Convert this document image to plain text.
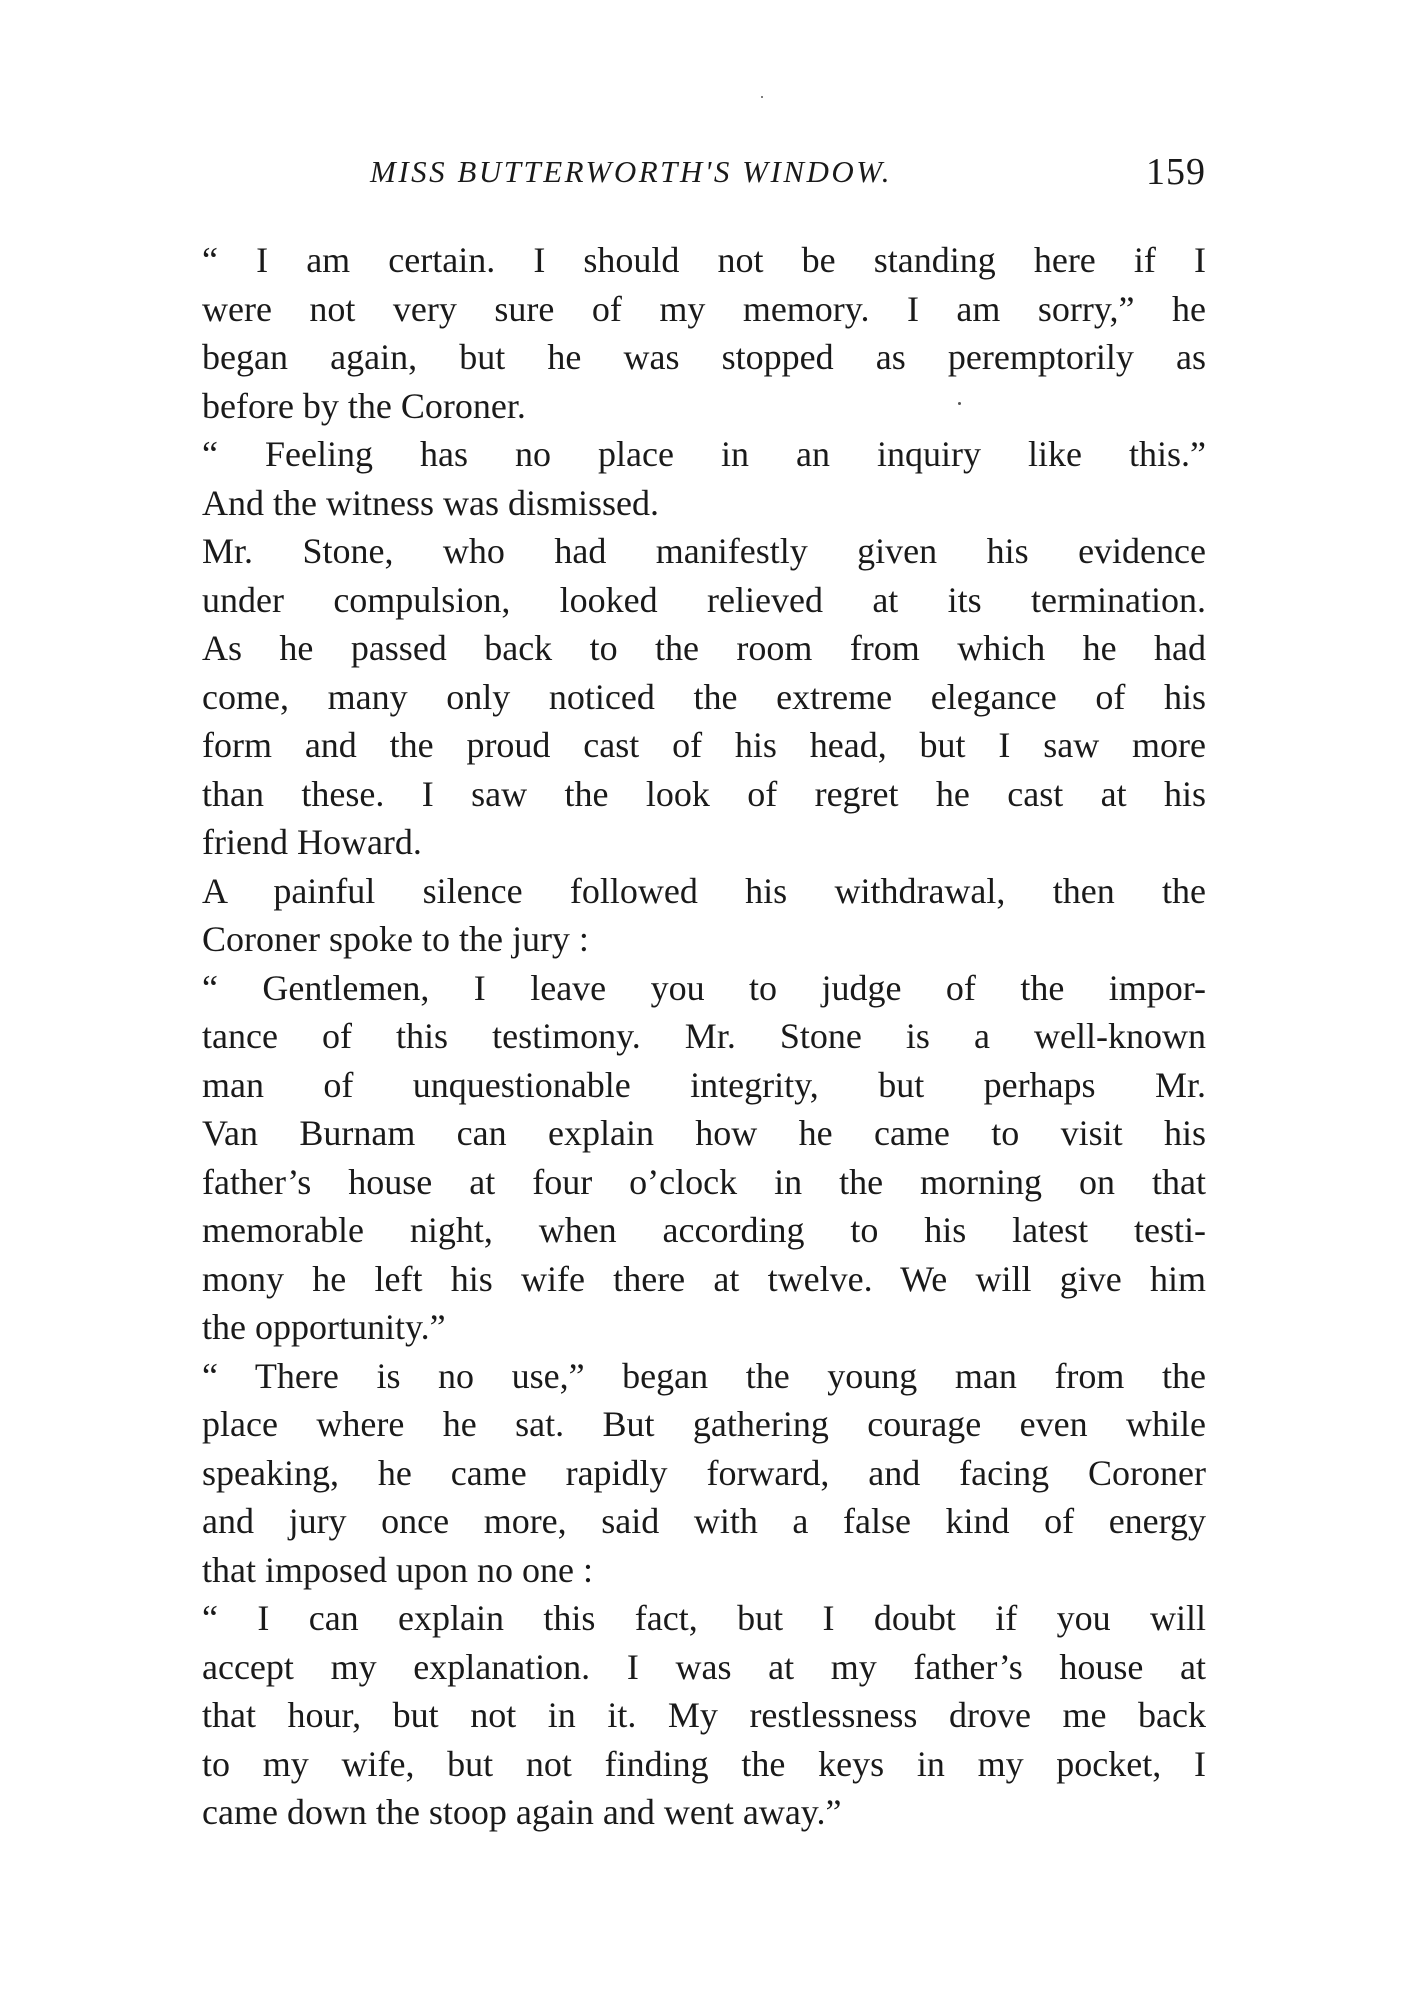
MISS BUTTERWORTH'S WINDOW.	159
“ I am certain. I should not be standing here if I
were not very sure of my memory. I am sorry,” he
began again, but he was stopped as peremptorily as
before by the Coroner.
“ Feeling has no place in an inquiry like this.”
And the witness was dismissed.
Mr. Stone, who had manifestly given his evidence
under compulsion, looked relieved at its termination.
As he passed back to the room from which he had
come, many only noticed the extreme elegance of his
form and the proud cast of his head, but I saw more
than these. I saw the look of regret he cast at his
friend Howard.
A painful silence followed his withdrawal, then the
Coroner spoke to the jury :
“ Gentlemen, I leave you to judge of the impor-
tance of this testimony. Mr. Stone is a well-known
man of unquestionable integrity, but perhaps Mr.
Van Burnam can explain how he came to visit his
father’s house at four o’clock in the morning on that
memorable night, when according to his latest testi-
mony he left his wife there at twelve. We will give him
the opportunity.”
“ There is no use,” began the young man from the
place where he sat. But gathering courage even while
speaking, he came rapidly forward, and facing Coroner
and jury once more, said with a false kind of energy
that imposed upon no one :
“ I can explain this fact, but I doubt if you will
accept my explanation. I was at my father’s house at
that hour, but not in it. My restlessness drove me back
to my wife, but not finding the keys in my pocket, I
came down the stoop again and went away.”
